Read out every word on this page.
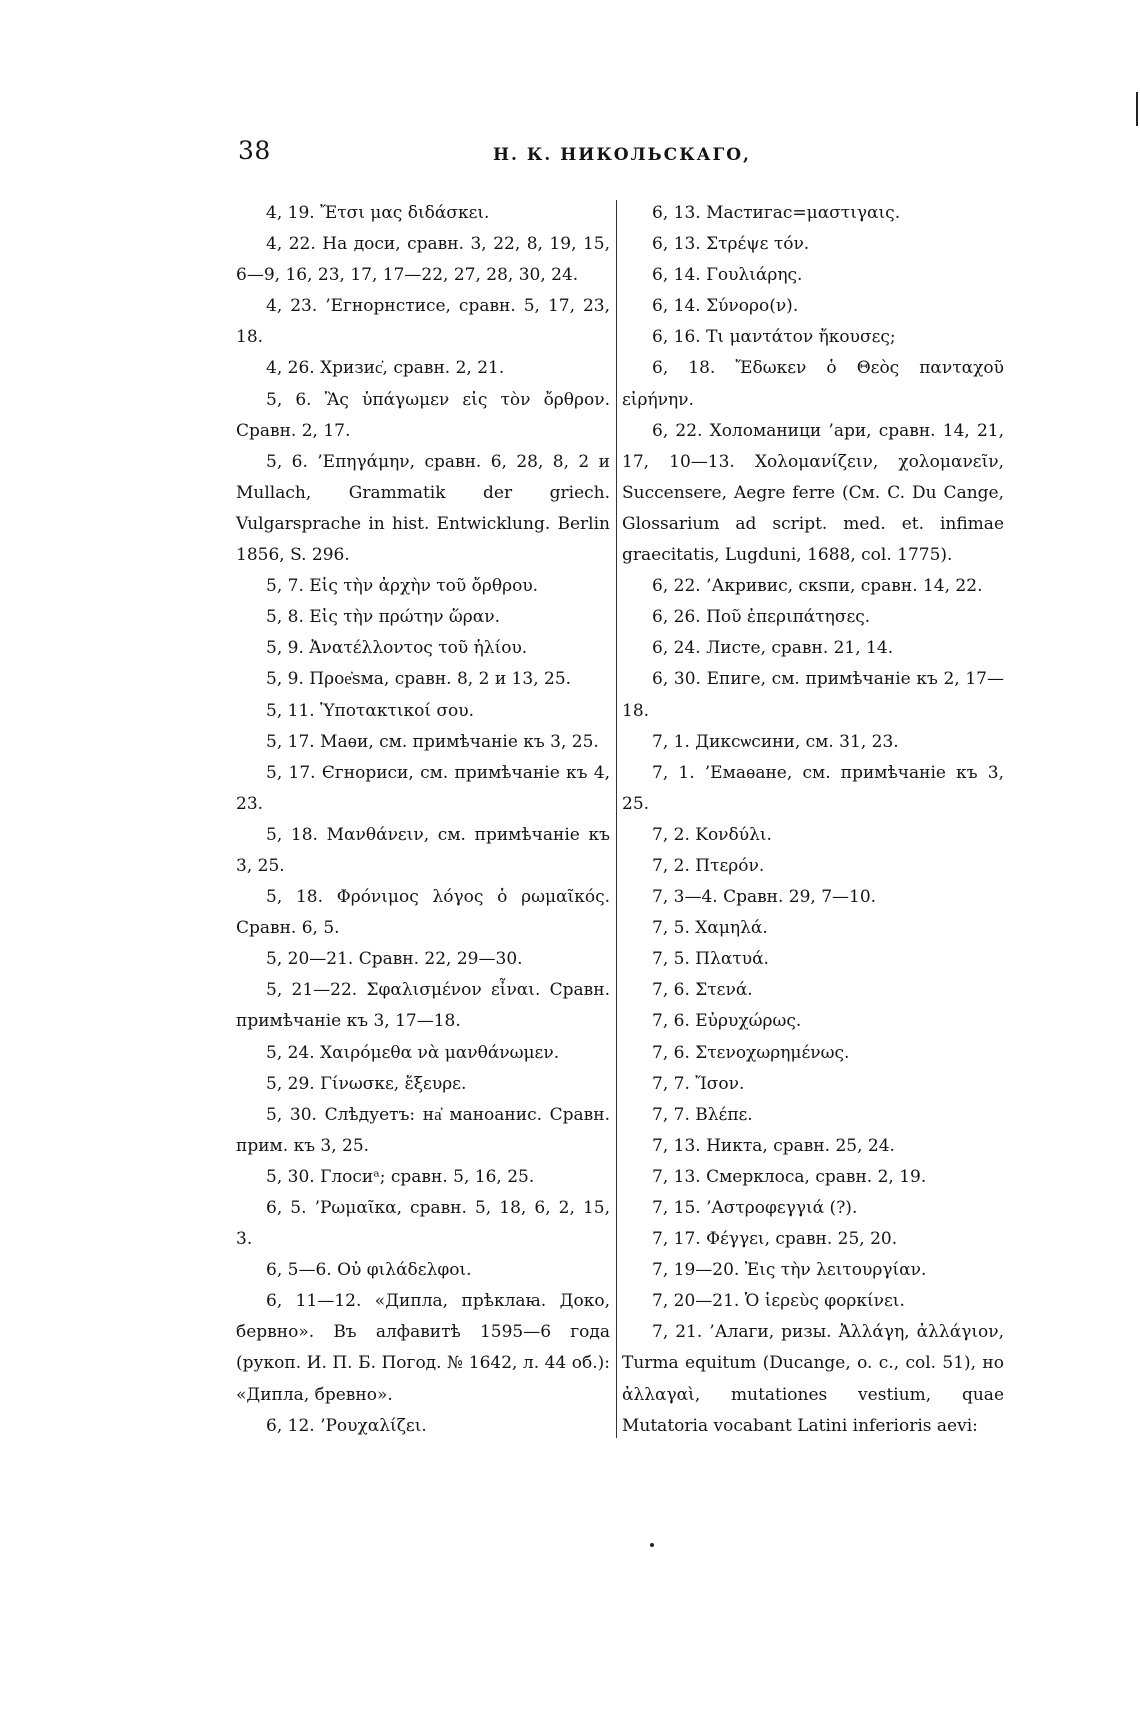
38	Н. К. НИКОЛЬСКАГО,

4, 19. Ἔτσι μας διδάσκει.

4, 22. На доси, сравн. 3, 22, 8, 19, 15, 6—9, 16, 23, 17, 17—22, 27, 28, 30, 24.

4, 23. ’Егнорнстисе, сравн. 5, 17, 23, 18.

4, 26. Хризис҆, сравн. 2, 21.

5, 6. Ἂς ὑπάγωμεν εἰς τὸν ὄρθρον. Сравн. 2, 17.

5, 6. ’Επηγάμην, сравн. 6, 28, 8, 2 и Mullach, Grammatik der griech. Vulgarsprache in hist. Entwicklung. Berlin 1856, S. 296.

5, 7. Εἰς τὴν ἀρχὴν τοῦ ὄρθρου.

5, 8. Εἰς τὴν πρώτην ὥραν.

5, 9. Ἀνατέλλοντος τοῦ ἡλίου.

5, 9. Προе҆ѕма, сравн. 8, 2 и 13, 25.

5, 11. Ὑποτακτικοί σου.

5, 17. Маѳи, см. примѣчаніе къ 3, 25.

5, 17. Єгнориси, см. примѣчаніе къ 4, 23.

5, 18. Μανθάνειν, см. примѣчаніе къ 3, 25.

5, 18. Φρόνιμος λόγος ὁ ρωμαῖκός. Сравн. 6, 5.

5, 20—21. Сравн. 22, 29—30.

5, 21—22. Σφαλισμένον εἶναι. Сравн. примѣчаніе къ 3, 17—18.

5, 24. Χαιρόμεθα νὰ μανθάνωμεν.

5, 29. Γίνωσκε, ἔξευρε.

5, 30. Слѣдуетъ: на҆ маноанис. Сравн. прим. къ 3, 25.

5, 30. Глосиᵃ; сравн. 5, 16, 25.

6, 5. ’Ρωμαῖκα, сравн. 5, 18, 6, 2, 15, 3.

6, 5—6. Οὐ φιλάδελφοι.

6, 11—12. «Дипла, прѣклаꙗ. Доко, бервно». Въ алфавитѣ 1595—6 года (рукоп. И. П. Б. Погод. № 1642, л. 44 об.): «Дипла, бревно».

6, 12. ’Ρουχαλίζει.

6, 13. Мастигас=μαστιγαις.

6, 13. Στρέψε τόν.

6, 14. Γουλιάρης.

6, 14. Σύνορο(ν).

6, 16. Τι μαντάτον ἤκουσες;

6, 18. Ἔδωκεν ὁ Θεὸς πανταχοῦ εἰρήνην.

6, 22. Холоманици ’ари, сравн. 14, 21, 17, 10—13. Χολομανίζειν, χολομανεῖν, Succensere, Aegre ferre (См. C. Du Cange, Glossarium ad script. med. et. infimae graecitatis, Lugduni, 1688, col. 1775).

6, 22. ’Акривис, скѕпи, сравн. 14, 22.

6, 26. Ποῦ ἐπεριπάτησες.

6, 24. Листе, сравн. 21, 14.

6, 30. Епиге, см. примѣчаніе къ 2, 17—18.

7, 1. Диксѡсини, см. 31, 23.

7, 1. ’Емаѳане, см. примѣчаніе къ 3, 25.

7, 2. Κονδύλι.

7, 2. Πτερόν.

7, 3—4. Сравн. 29, 7—10.

7, 5. Χαμηλά.

7, 5. Πλατυά.

7, 6. Στενά.

7, 6. Εὐρυχώρως.

7, 6. Στενοχωρημένως.

7, 7. Ἴσον.

7, 7. Βλέπε.

7, 13. Никта, сравн. 25, 24.

7, 13. Смерклоса, сравн. 2, 19.

7, 15. ’Αστροφεγγιά (?).

7, 17. Φέγγει, сравн. 25, 20.

7, 19—20. Ἐις τὴν λειτουργίαν.

7, 20—21. Ὁ ἱερεὺς φορκίνει.

7, 21. ’Алаги, ризы. Ἀλλάγη, ἀλλάγιον, Turma equitum (Ducange, o. c., col. 51), но ἀλλαγαὶ, mutationes vestium, quae Mutatoria vocabant Latini inferioris aevi:
